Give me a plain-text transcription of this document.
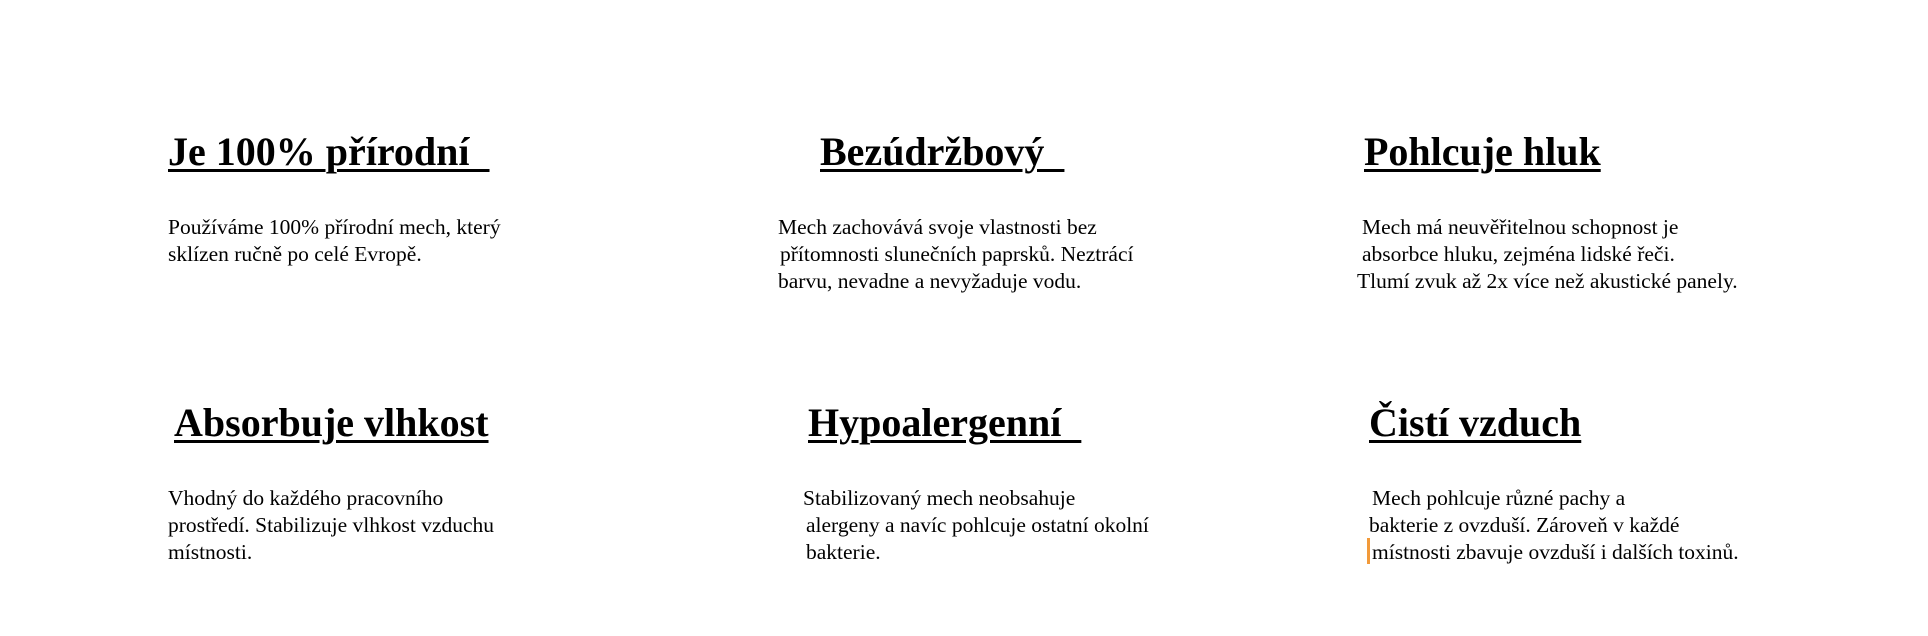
Je 100% přírodní
Používáme 100% přírodní mech, který
sklízen ručně po celé Evropě.
Bezúdržbový
Mech zachovává svoje vlastnosti bez
přítomnosti slunečních paprsků. Neztrácí
barvu, nevadne a nevyžaduje vodu.
Pohlcuje hluk
Mech má neuvěřitelnou schopnost je
absorbce hluku, zejména lidské řeči.
Tlumí zvuk až 2x více než akustické panely.
Absorbuje vlhkost
Vhodný do každého pracovního
prostředí. Stabilizuje vlhkost vzduchu
místnosti.
Hypoalergenní
Stabilizovaný mech neobsahuje
alergeny a navíc pohlcuje ostatní okolní
bakterie.
Čistí vzduch
Mech pohlcuje různé pachy a
bakterie z ovzduší. Zároveň v každé
místnosti zbavuje ovzduší i dalších toxinů.
